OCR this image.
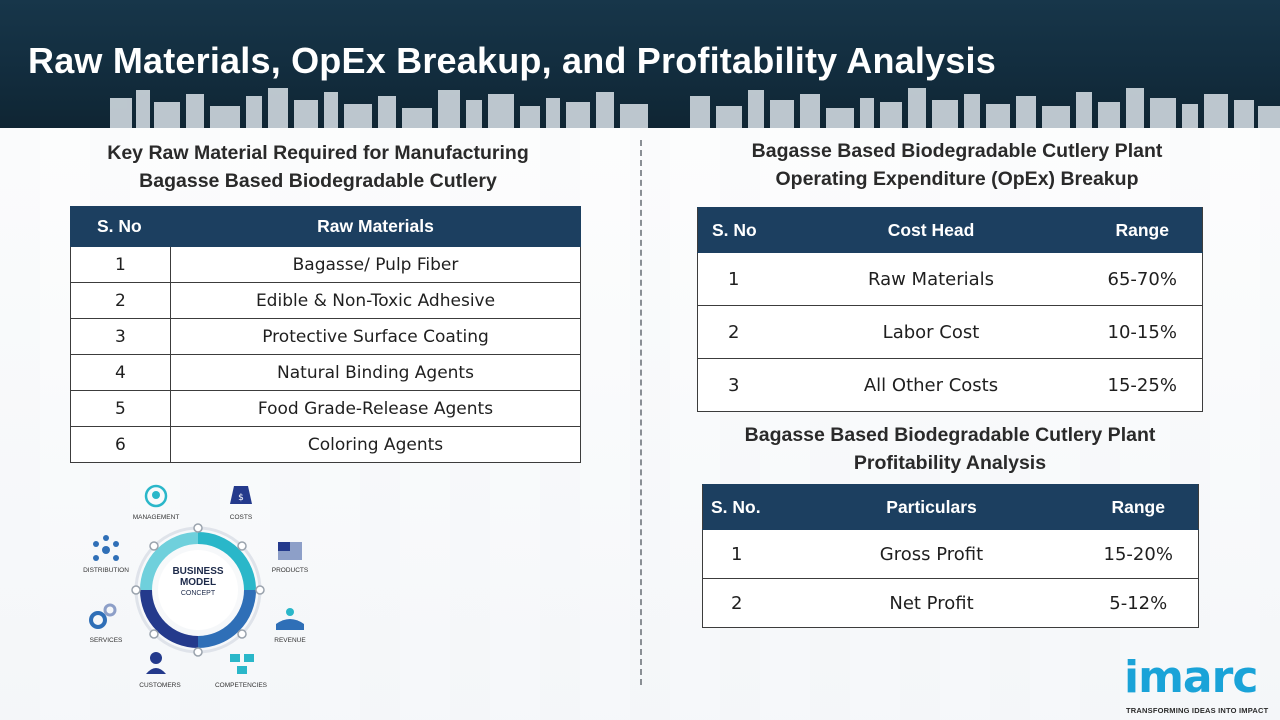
Raw Materials, OpEx Breakup, and Profitability Analysis
Key Raw Material Required for Manufacturing
Bagasse Based Biodegradable Cutlery
S. No	Raw Materials
1	Bagasse/ Pulp Fiber
2	Edible & Non-Toxic Adhesive
3	Protective Surface Coating
4	Natural Binding Agents
5	Food Grade-Release Agents
6	Coloring Agents
$
BUSINESS
MODEL
CONCEPT
MANAGEMENT	COSTS
PRODUCTS
REVENUE
COMPETENCIES
CUSTOMERS
SERVICES
DISTRIBUTION
Bagasse Based Biodegradable Cutlery Plant
Operating Expenditure (OpEx) Breakup
S. No	Cost Head	Range
1	Raw Materials	65-70%
2	Labor Cost	10-15%
3	All Other Costs	15-25%
Bagasse Based Biodegradable Cutlery Plant
Profitability Analysis
S. No.	Particulars	Range
1	Gross Profit	15-20%
2	Net Profit	5-12%
imarc
TRANSFORMING IDEAS INTO IMPACT
